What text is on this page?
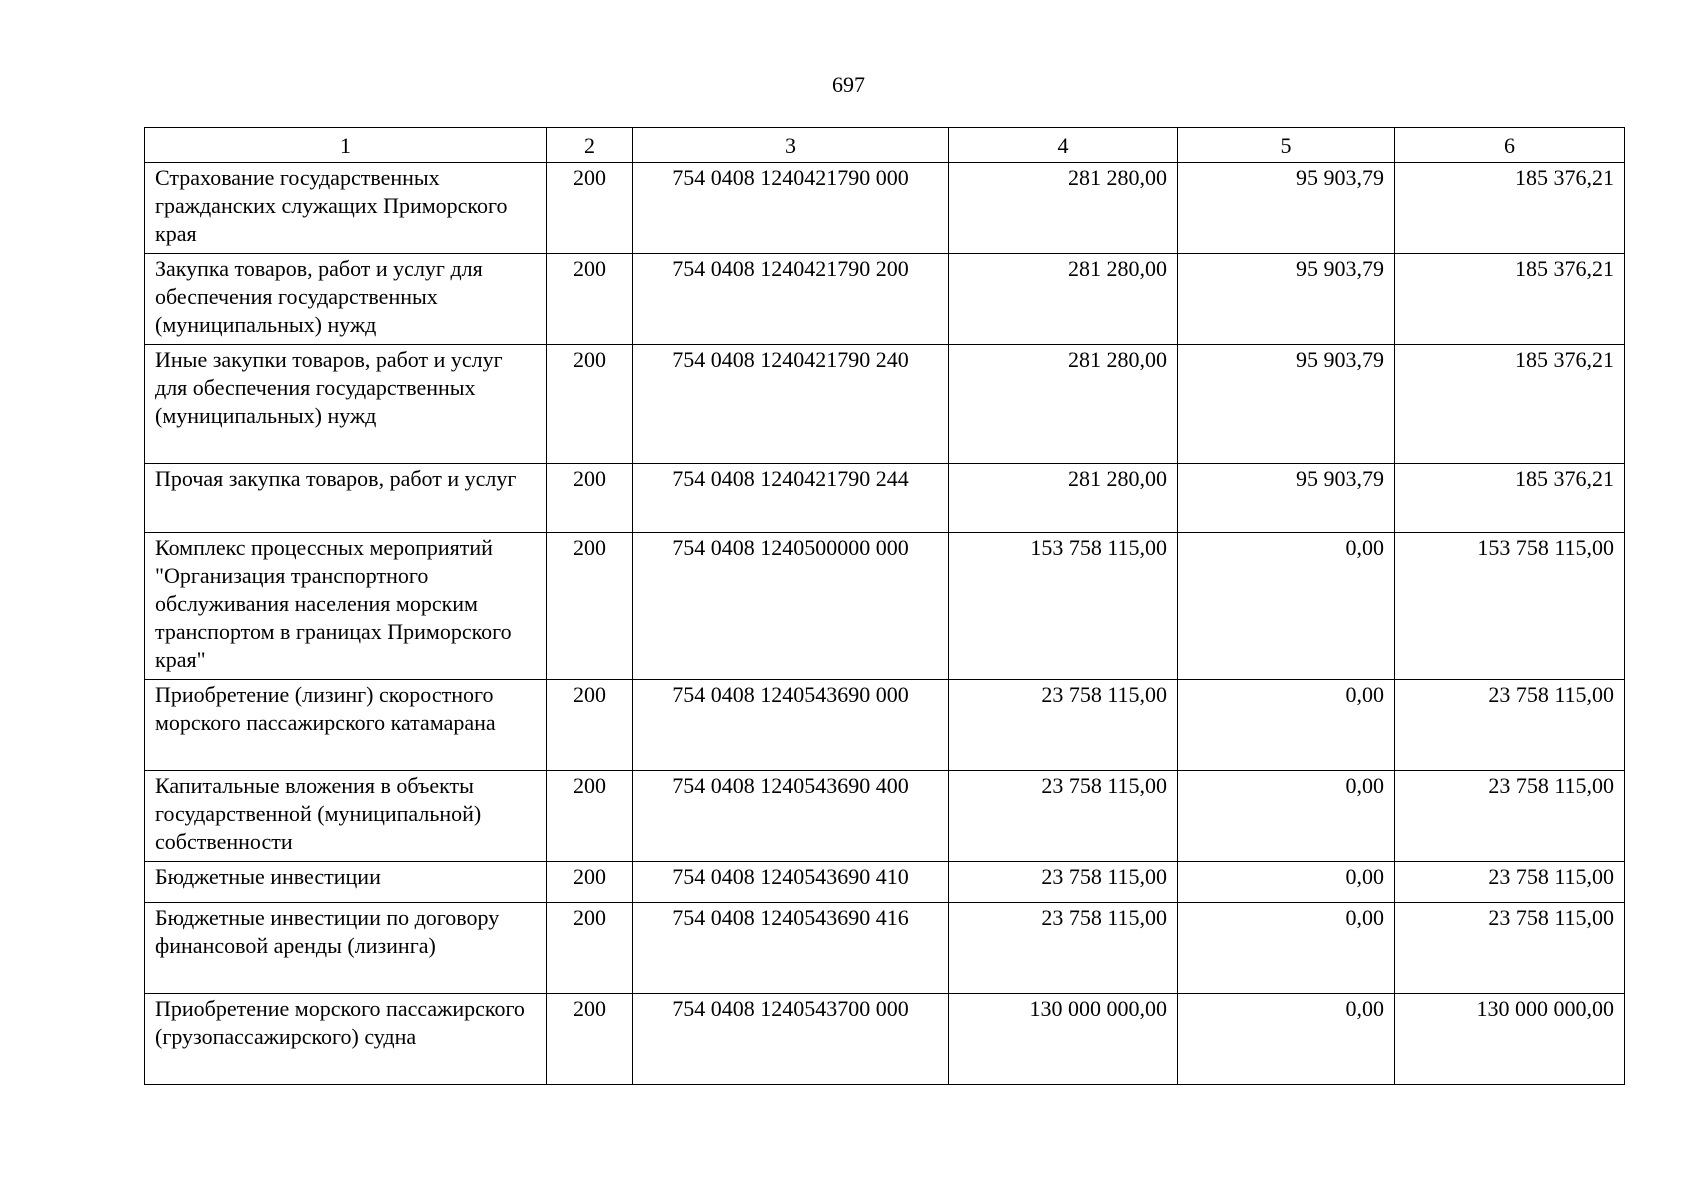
697
1	2	3	4	5	6
Страхование государственных гражданских служащих Приморского края	200	754 0408 1240421790 000	281 280,00	95 903,79	185 376,21
Закупка товаров, работ и услуг для обеспечения государственных (муниципальных) нужд	200	754 0408 1240421790 200	281 280,00	95 903,79	185 376,21
Иные закупки товаров, работ и услуг для обеспечения государственных (муниципальных) нужд	200	754 0408 1240421790 240	281 280,00	95 903,79	185 376,21
Прочая закупка товаров, работ и услуг	200	754 0408 1240421790 244	281 280,00	95 903,79	185 376,21
Комплекс процессных мероприятий "Организация транспортного обслуживания населения морским транспортом в границах Приморского края"	200	754 0408 1240500000 000	153 758 115,00	0,00	153 758 115,00
Приобретение (лизинг) скоростного морского пассажирского катамарана	200	754 0408 1240543690 000	23 758 115,00	0,00	23 758 115,00
Капитальные вложения в объекты государственной (муниципальной) собственности	200	754 0408 1240543690 400	23 758 115,00	0,00	23 758 115,00
Бюджетные инвестиции	200	754 0408 1240543690 410	23 758 115,00	0,00	23 758 115,00
Бюджетные инвестиции по договору финансовой аренды (лизинга)	200	754 0408 1240543690 416	23 758 115,00	0,00	23 758 115,00
Приобретение морского пассажирского (грузопассажирского) судна	200	754 0408 1240543700 000	130 000 000,00	0,00	130 000 000,00
